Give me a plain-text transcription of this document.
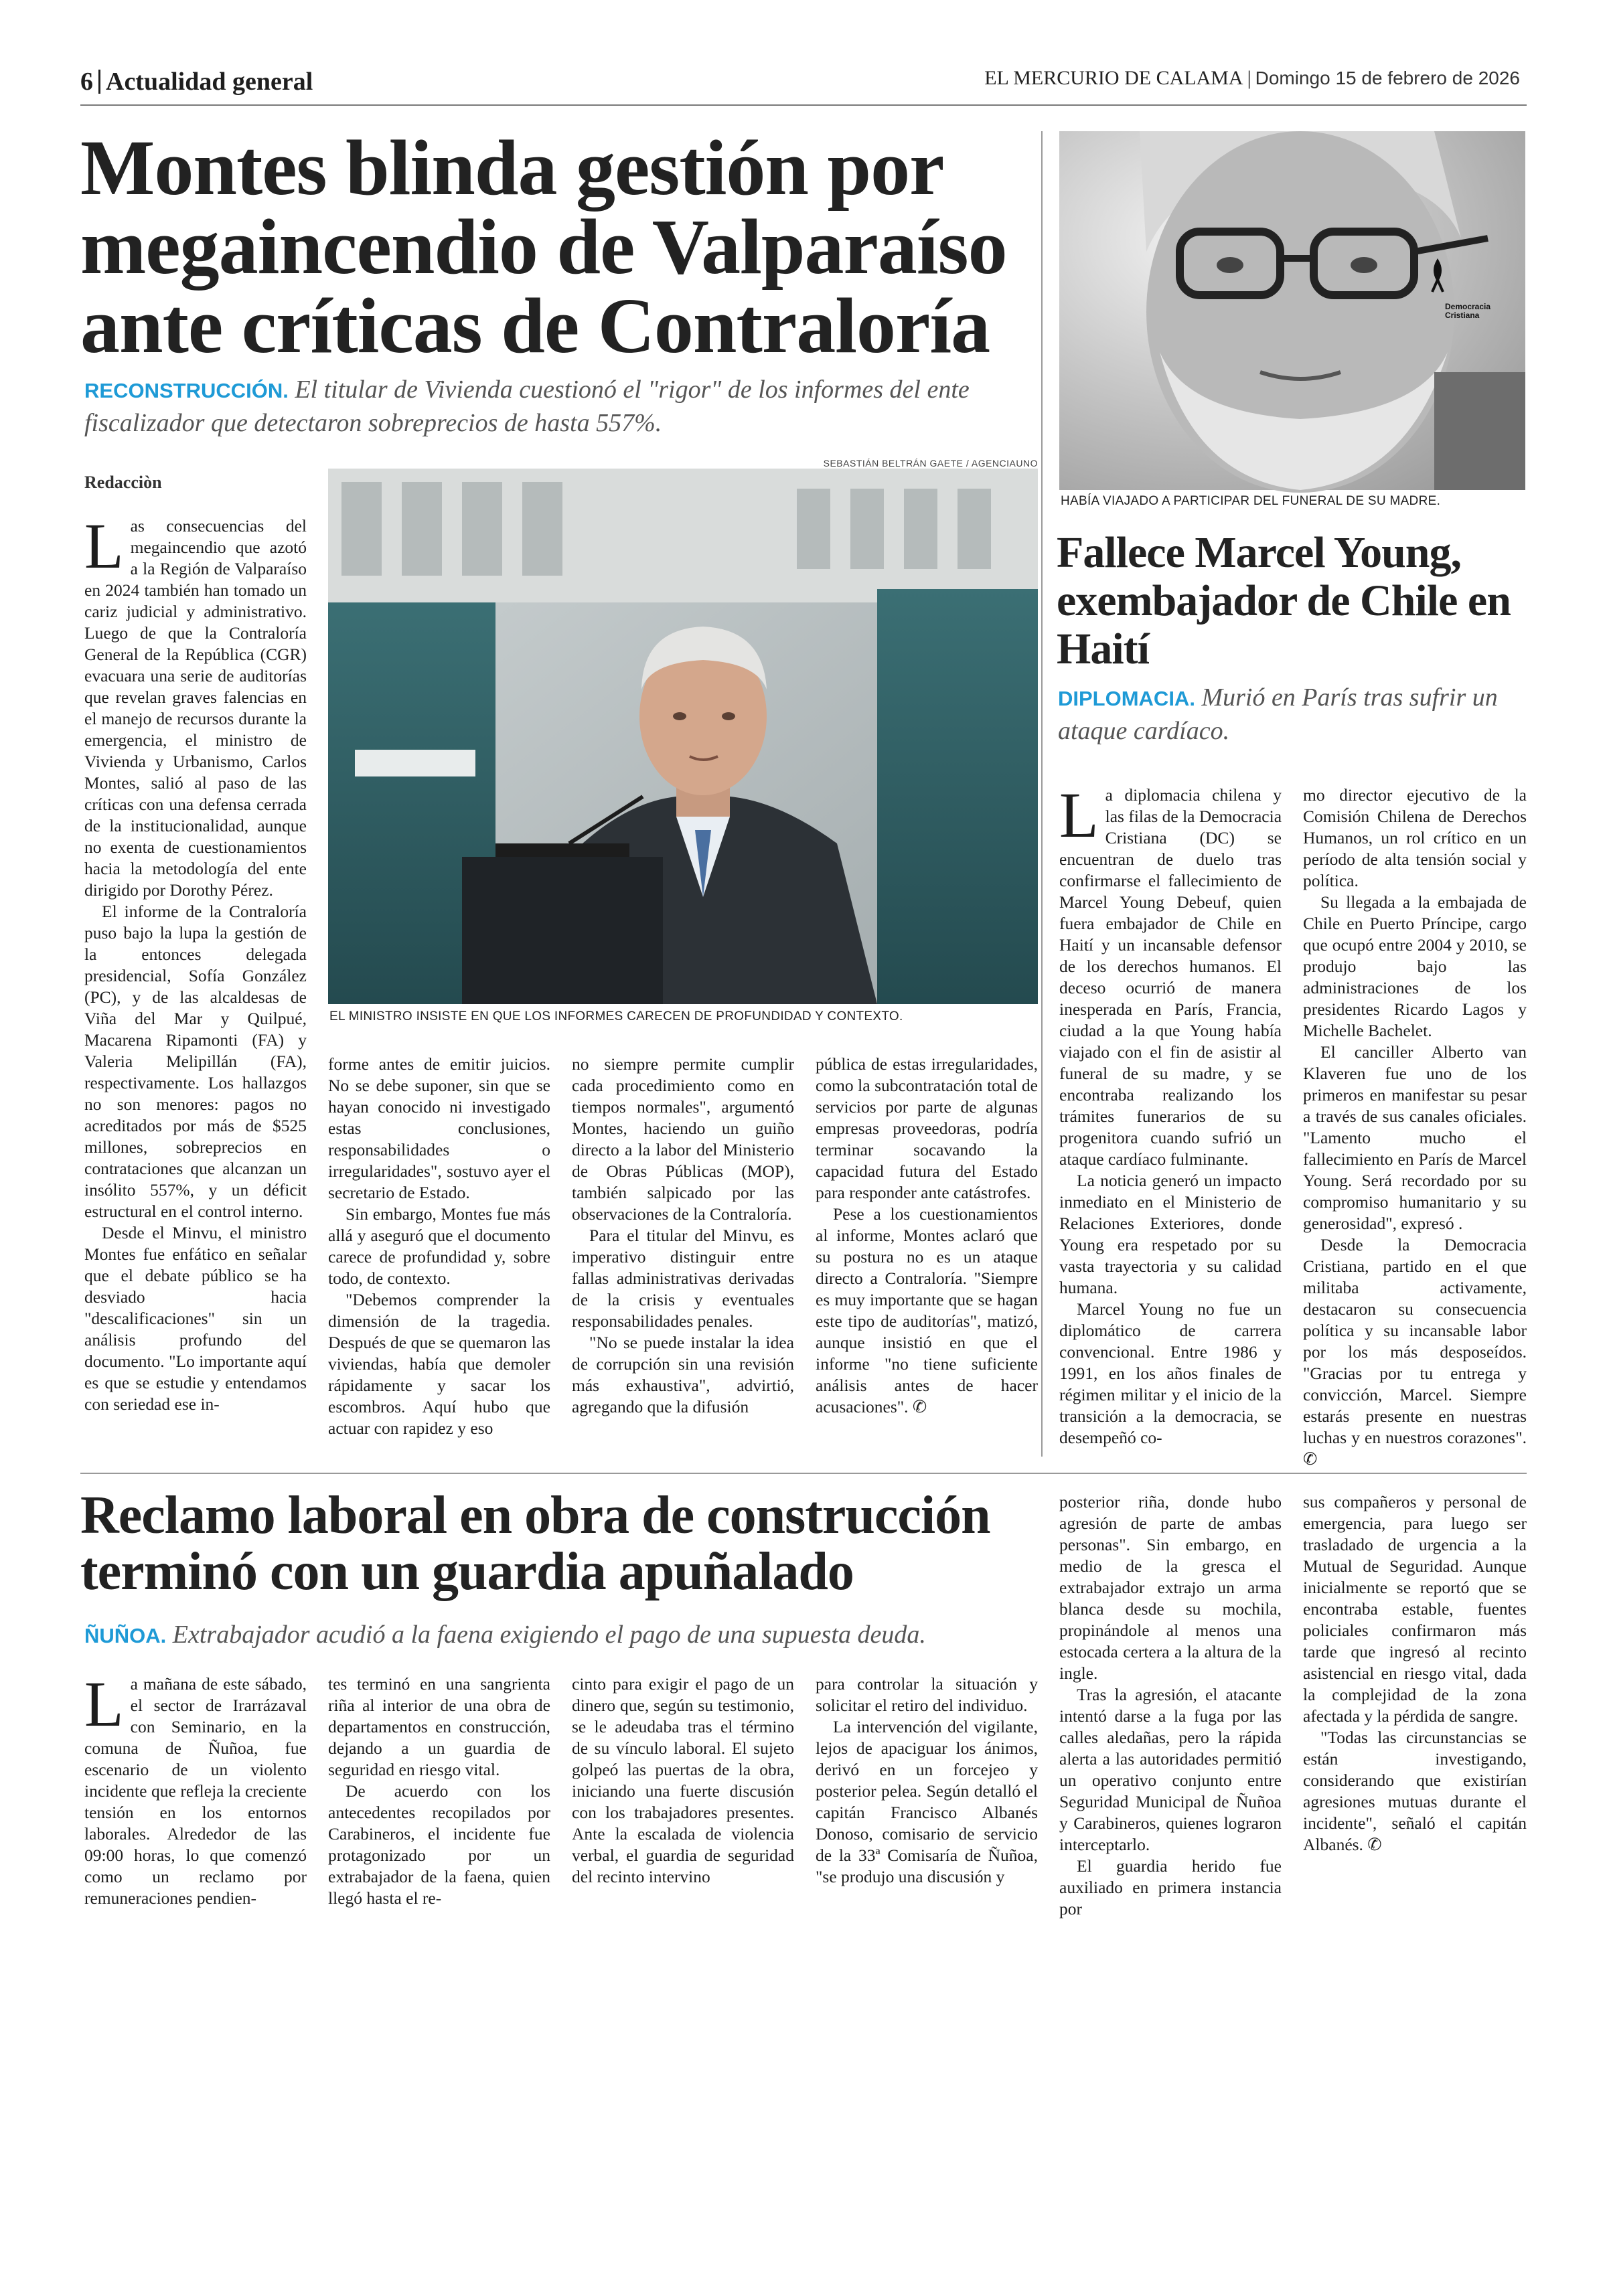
6 Actualidad general	EL MERCURIO DE CALAMA | Domingo 15 de febrero de 2026
Montes blinda gestión por megaincendio de Valparaíso ante críticas de Contraloría
RECONSTRUCCIÓN. El titular de Vivienda cuestionó el "rigor" de los informes del ente fiscalizador que detectaron sobreprecios de hasta 557%.
Redacciòn
SEBASTIÁN BELTRÁN GAETE / AGENCIAUNO
EL MINISTRO INSISTE EN QUE LOS INFORMES CARECEN DE PROFUNDIDAD Y CONTEXTO.

Las consecuencias del megaincendio que azotó a la Región de Valparaíso en 2024 también han tomado un cariz judicial y administrativo. Luego de que la Contraloría General de la República (CGR) evacuara una serie de auditorías que revelan graves falencias en el manejo de recursos durante la emergencia, el ministro de Vivienda y Urbanismo, Carlos Montes, salió al paso de las críticas con una defensa cerrada de la institucionalidad, aunque no exenta de cuestionamientos hacia la metodología del ente dirigido por Dorothy Pérez.

El informe de la Contraloría puso bajo la lupa la gestión de la entonces delegada presidencial, Sofía González (PC), y de las alcaldesas de Viña del Mar y Quilpué, Macarena Ripamonti (FA) y Valeria Melipillán (FA), respectivamente. Los hallazgos no son menores: pagos no acreditados por más de $525 millones, sobreprecios en contrataciones que alcanzan un insólito 557%, y un déficit estructural en el control interno.

Desde el Minvu, el ministro Montes fue enfático en señalar que el debate público se ha desviado hacia "descalificaciones" sin un análisis profundo del documento. "Lo importante aquí es que se estudie y entendamos con seriedad ese in-

forme antes de emitir juicios. No se debe suponer, sin que se hayan conocido ni investigado estas conclusiones, responsabilidades o irregularidades", sostuvo ayer el secretario de Estado.

Sin embargo, Montes fue más allá y aseguró que el documento carece de profundidad y, sobre todo, de contexto.

"Debemos comprender la dimensión de la tragedia. Después de que se quemaron las viviendas, había que demoler rápidamente y sacar los escombros. Aquí hubo que actuar con rapidez y eso

no siempre permite cumplir cada procedimiento como en tiempos normales", argumentó Montes, haciendo un guiño directo a la labor del Ministerio de Obras Públicas (MOP), también salpicado por las observaciones de la Contraloría.

Para el titular del Minvu, es imperativo distinguir entre fallas administrativas derivadas de la crisis y eventuales responsabilidades penales.

"No se puede instalar la idea de corrupción sin una revisión más exhaustiva", advirtió, agregando que la difusión

pública de estas irregularidades, como la subcontratación total de servicios por parte de algunas empresas proveedoras, podría terminar socavando la capacidad futura del Estado para responder ante catástrofes.

Pese a los cuestionamientos al informe, Montes aclaró que su postura no es un ataque directo a Contraloría. "Siempre es muy importante que se hagan este tipo de auditorías", matizó, aunque insistió en que el informe "no tiene suficiente análisis antes de hacer acusaciones". ✆

Democracia Cristiana
HABÍA VIAJADO A PARTICIPAR DEL FUNERAL DE SU MADRE.
Fallece Marcel Young, exembajador de Chile en Haití
DIPLOMACIA. Murió en París tras sufrir un ataque cardíaco.

La diplomacia chilena y las filas de la Democracia Cristiana (DC) se encuentran de duelo tras confirmarse el fallecimiento de Marcel Young Debeuf, quien fuera embajador de Chile en Haití y un incansable defensor de los derechos humanos. El deceso ocurrió de manera inesperada en París, Francia, ciudad a la que Young había viajado con el fin de asistir al funeral de su madre, y se encontraba realizando los trámites funerarios de su progenitora cuando sufrió un ataque cardíaco fulminante.

La noticia generó un impacto inmediato en el Ministerio de Relaciones Exteriores, donde Young era respetado por su vasta trayectoria y su calidad humana.

Marcel Young no fue un diplomático de carrera convencional. Entre 1986 y 1991, en los años finales de régimen militar y el inicio de la transición a la democracia, se desempeñó co-

mo director ejecutivo de la Comisión Chilena de Derechos Humanos, un rol crítico en un período de alta tensión social y política.

Su llegada a la embajada de Chile en Puerto Príncipe, cargo que ocupó entre 2004 y 2010, se produjo bajo las administraciones de los presidentes Ricardo Lagos y Michelle Bachelet.

El canciller Alberto van Klaveren fue uno de los primeros en manifestar su pesar a través de sus canales oficiales. "Lamento mucho el fallecimiento en París de Marcel Young. Será recordado por su compromiso humanitario y su generosidad", expresó .

Desde la Democracia Cristiana, partido en el que militaba activamente, destacaron su consecuencia política y su incansable labor por los más desposeídos. "Gracias por tu entrega y convicción, Marcel. Siempre estarás presente en nuestras luchas y en nuestros corazones". ✆

Reclamo laboral en obra de construcción terminó con un guardia apuñalado
ÑUÑOA. Extrabajador acudió a la faena exigiendo el pago de una supuesta deuda.

La mañana de este sábado, el sector de Irarrázaval con Seminario, en la comuna de Ñuñoa, fue escenario de un violento incidente que refleja la creciente tensión en los entornos laborales. Alrededor de las 09:00 horas, lo que comenzó como un reclamo por remuneraciones pendien-

tes terminó en una sangrienta riña al interior de una obra de departamentos en construcción, dejando a un guardia de seguridad en riesgo vital.

De acuerdo con los antecedentes recopilados por Carabineros, el incidente fue protagonizado por un extrabajador de la faena, quien llegó hasta el re-

cinto para exigir el pago de un dinero que, según su testimonio, se le adeudaba tras el término de su vínculo laboral. El sujeto golpeó las puertas de la obra, iniciando una fuerte discusión con los trabajadores presentes. Ante la escalada de violencia verbal, el guardia de seguridad del recinto intervino

para controlar la situación y solicitar el retiro del individuo.

La intervención del vigilante, lejos de apaciguar los ánimos, derivó en un forcejeo y posterior pelea. Según detalló el capitán Francisco Albanés Donoso, comisario de servicio de la 33ª Comisaría de Ñuñoa, "se produjo una discusión y

posterior riña, donde hubo agresión de parte de ambas personas". Sin embargo, en medio de la gresca el extrabajador extrajo un arma blanca desde su mochila, propinándole al menos una estocada certera a la altura de la ingle.

Tras la agresión, el atacante intentó darse a la fuga por las calles aledañas, pero la rápida alerta a las autoridades permitió un operativo conjunto entre Seguridad Municipal de Ñuñoa y Carabineros, quienes lograron interceptarlo.

El guardia herido fue auxiliado en primera instancia por

sus compañeros y personal de emergencia, para luego ser trasladado de urgencia a la Mutual de Seguridad. Aunque inicialmente se reportó que se encontraba estable, fuentes policiales confirmaron más tarde que ingresó al recinto asistencial en riesgo vital, dada la complejidad de la zona afectada y la pérdida de sangre.

"Todas las circunstancias se están investigando, considerando que existirían agresiones mutuas durante el incidente", señaló el capitán Albanés. ✆
